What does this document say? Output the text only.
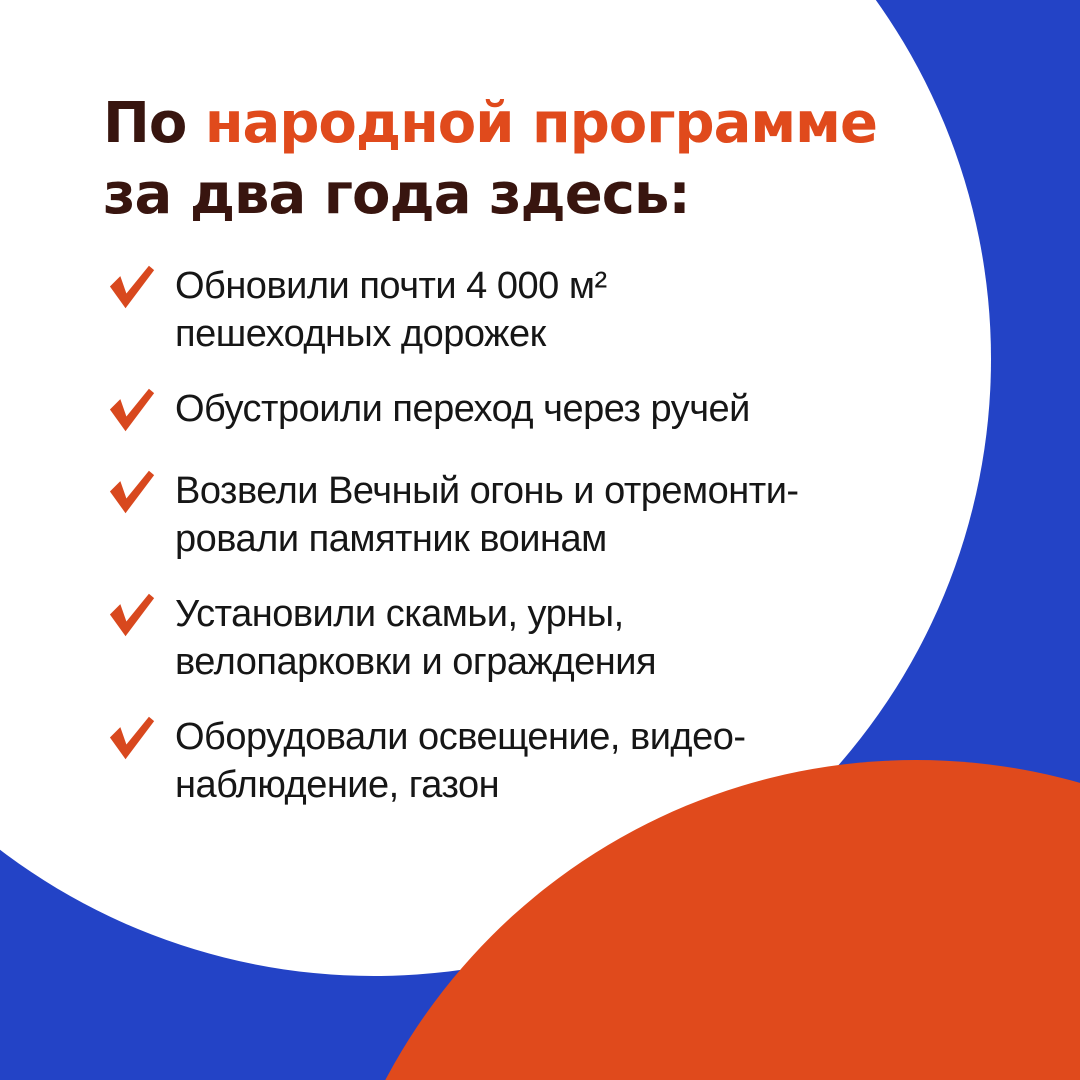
По народной программе
за два года здесь:
Обновили почти 4 000 м²
пешеходных дорожек
Обустроили переход через ручей
Возвели Вечный огонь и отремонти-
ровали памятник воинам
Установили скамьи, урны,
велопарковки и ограждения
Оборудовали освещение, видео-
наблюдение, газон
